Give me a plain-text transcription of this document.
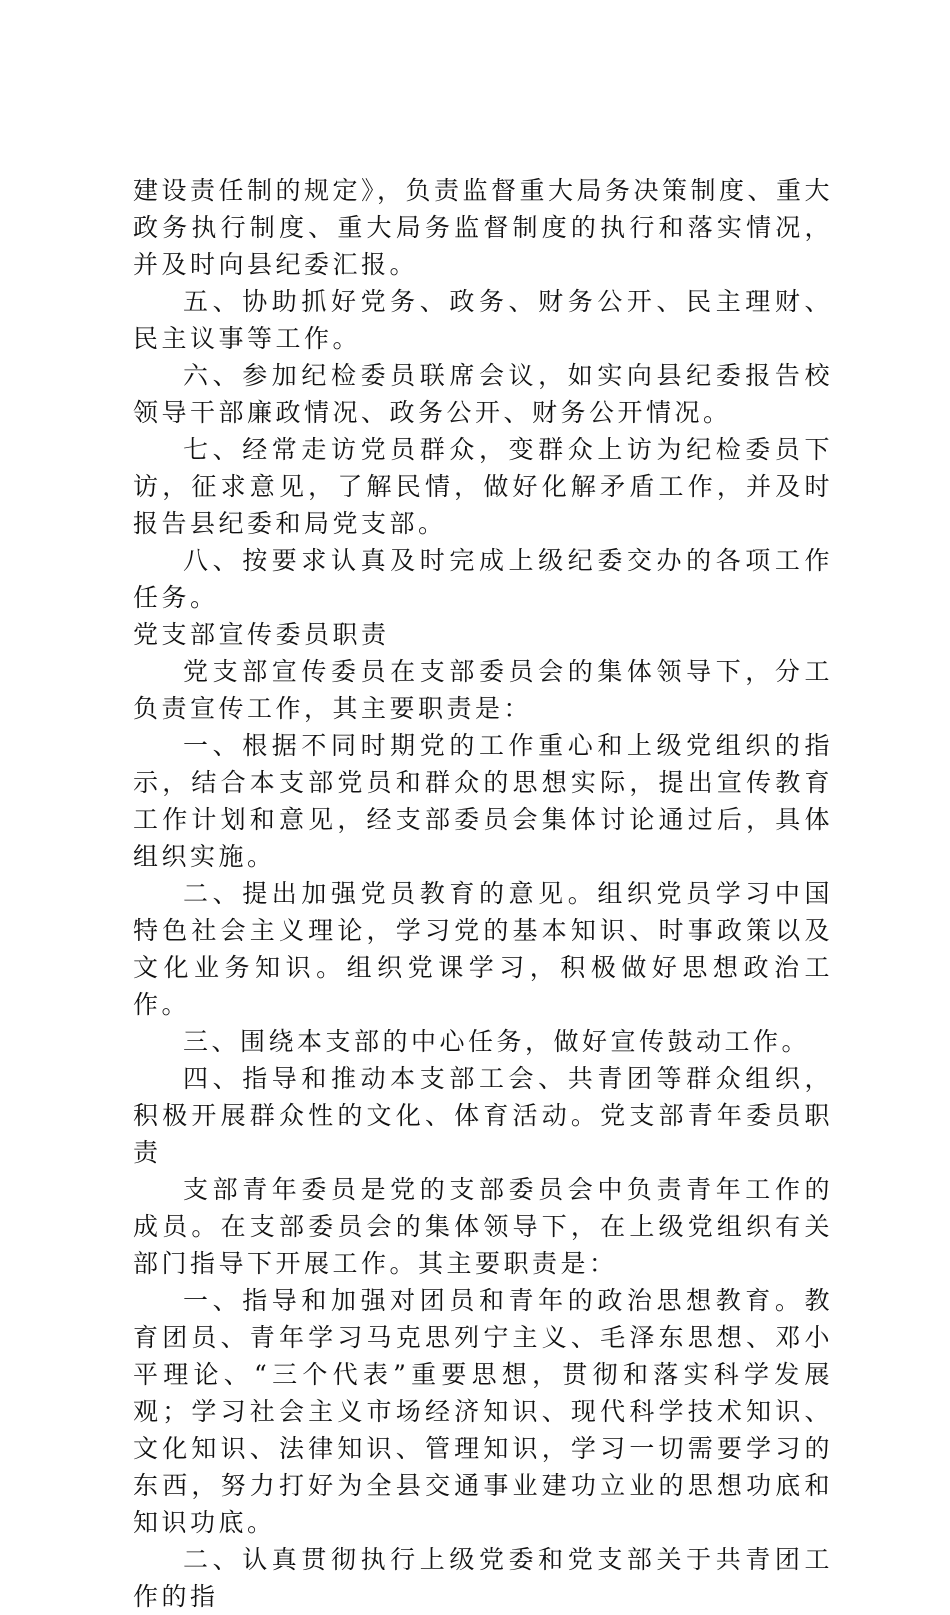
建设责任制的规定》，负责监督重大局务决策制度、重大政务执行制度、重大局务监督制度的执行和落实情况，并及时向县纪委汇报。

五、协助抓好党务、政务、财务公开、民主理财、民主议事等工作。

六、参加纪检委员联席会议，如实向县纪委报告校领导干部廉政情况、政务公开、财务公开情况。

七、经常走访党员群众，变群众上访为纪检委员下访，征求意见，了解民情，做好化解矛盾工作，并及时报告县纪委和局党支部。

八、按要求认真及时完成上级纪委交办的各项工作任务。

党支部宣传委员职责

党支部宣传委员在支部委员会的集体领导下，分工负责宣传工作，其主要职责是：

一、根据不同时期党的工作重心和上级党组织的指示，结合本支部党员和群众的思想实际，提出宣传教育工作计划和意见，经支部委员会集体讨论通过后，具体组织实施。

二、提出加强党员教育的意见。组织党员学习中国特色社会主义理论，学习党的基本知识、时事政策以及文化业务知识。组织党课学习，积极做好思想政治工作。

三、围绕本支部的中心任务，做好宣传鼓动工作。

四、指导和推动本支部工会、共青团等群众组织，积极开展群众性的文化、体育活动。党支部青年委员职责

支部青年委员是党的支部委员会中负责青年工作的成员。在支部委员会的集体领导下，在上级党组织有关部门指导下开展工作。其主要职责是：

一、指导和加强对团员和青年的政治思想教育。教育团员、青年学习马克思列宁主义、毛泽东思想、邓小平理论、“三个代表”重要思想，贯彻和落实科学发展观；学习社会主义市场经济知识、现代科学技术知识、文化知识、法律知识、管理知识，学习一切需要学习的东西，努力打好为全县交通事业建功立业的思想功底和知识功底。

二、认真贯彻执行上级党委和党支部关于共青团工作的指
